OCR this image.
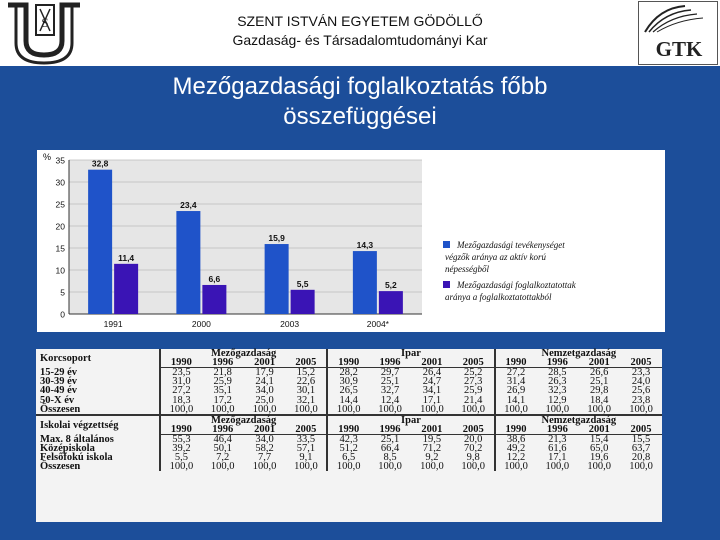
S	SZENT ISTVÁN EGYETEM GÖDÖLLŐ
Gazdaság- és Társadalomtudományi Kar	GTK
Mezőgazdasági foglalkoztatás főbb
összefüggései
0
5
10
15
20
25
30
35
%
32,8
11,4
1991
23,4
6,6
2000
15,9
5,5
2003
14,3
5,2
2004*
Mezőgazdasági tevékenységet
végzők aránya az aktív korú
népességből
Mezőgazdasági foglalkoztatottak
aránya a foglalkoztatottakból
Korcsoport	Mezőgazdaság				Ipar				Nemzetgazdaság			
	1990	1996	2001	2005	1990	1996	2001	2005	1990	1996	2001	2005
15-29 év	23,5	21,8	17,9	15,2	28,2	29,7	26,4	25,2	27,2	28,5	26,6	23,3
30-39 év	31,0	25,9	24,1	22,6	30,9	25,1	24,7	27,3	31,4	26,3	25,1	24,0
40-49 év	27,2	35,1	34,0	30,1	26,5	32,7	34,1	25,9	26,9	32,3	29,8	25,6
50-X év	18,3	17,2	25,0	32,1	14,4	12,4	17,1	21,4	14,1	12,9	18,4	23,8
Összesen	100,0	100,0	100,0	100,0	100,0	100,0	100,0	100,0	100,0	100,0	100,0	100,0
Iskolai végzettség	Mezőgazdaság				Ipar				Nemzetgazdaság			
	1990	1996	2001	2005	1990	1996	2001	2005	1990	1996	2001	2005
Max. 8 általános	55,3	46,4	34,0	33,5	42,3	25,1	19,5	20,0	38,6	21,3	15,4	15,5
Középiskola	39,2	50,1	58,2	57,1	51,2	66,4	71,2	70,2	49,2	61,6	65,0	63,7
Felsőfokú iskola	5,5	7,2	7,7	9,1	6,5	8,5	9,2	9,8	12,2	17,1	19,6	20,8
Összesen	100,0	100,0	100,0	100,0	100,0	100,0	100,0	100,0	100,0	100,0	100,0	100,0
